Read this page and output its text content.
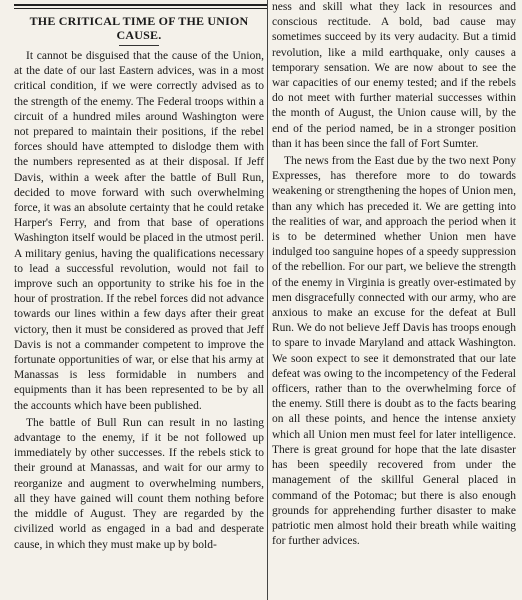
THE CRITICAL TIME OF THE UNION
CAUSE.

It cannot be disguised that the cause of the Union, at the date of our last Eastern advices, was in a most critical condition, if we were correctly advised as to the strength of the enemy. The Federal troops within a circuit of a hundred miles around Washington were not prepared to maintain their positions, if the rebel forces should have attempted to dislodge them with the numbers represented as at their disposal. If Jeff Davis, within a week after the battle of Bull Run, decided to move forward with such overwhelming force, it was an absolute certainty that he could retake Harper's Ferry, and from that base of operations Washington itself would be placed in the utmost peril. A military genius, having the qualifications necessary to lead a successful revolution, would not fail to improve such an opportunity to strike his foe in the hour of prostration. If the rebel forces did not advance towards our lines within a few days after their great victory, then it must be considered as proved that Jeff Davis is not a commander competent to improve the fortunate opportunities of war, or else that his army at Manassas is less formidable in numbers and equipments than it has been represented to be by all the accounts which have been published.

The battle of Bull Run can result in no lasting advantage to the enemy, if it be not followed up immediately by other successes. If the rebels stick to their ground at Manassas, and wait for our army to reorganize and augment to overwhelming numbers, all they have gained will count them nothing before the middle of August. They are regarded by the civilized world as engaged in a bad and desperate cause, in which they must make up by bold-

ness and skill what they lack in resources and conscious rectitude. A bold, bad cause may sometimes succeed by its very audacity. But a timid revolution, like a mild earthquake, only causes a temporary sensation. We are now about to see the war capacities of our enemy tested; and if the rebels do not meet with further material successes within the month of August, the Union cause will, by the end of the period named, be in a stronger position than it has been since the fall of Fort Sumter.

The news from the East due by the two next Pony Expresses, has therefore more to do towards weakening or strengthening the hopes of Union men, than any which has preceded it. We are getting into the realities of war, and approach the period when it is to be determined whether Union men have indulged too sanguine hopes of a speedy suppression of the rebellion. For our part, we believe the strength of the enemy in Virginia is greatly over-estimated by men disgracefully connected with our army, who are anxious to make an excuse for the defeat at Bull Run. We do not believe Jeff Davis has troops enough to spare to invade Maryland and attack Washington. We soon expect to see it demonstrated that our late defeat was owing to the incompetency of the Federal officers, rather than to the overwhelming force of the enemy. Still there is doubt as to the facts bearing on all these points, and hence the intense anxiety which all Union men must feel for later intelligence. There is great ground for hope that the late disaster has been speedily recovered from under the management of the skillful General placed in command of the Potomac; but there is also enough grounds for apprehending further disaster to make patriotic men almost hold their breath while waiting for further advices.
